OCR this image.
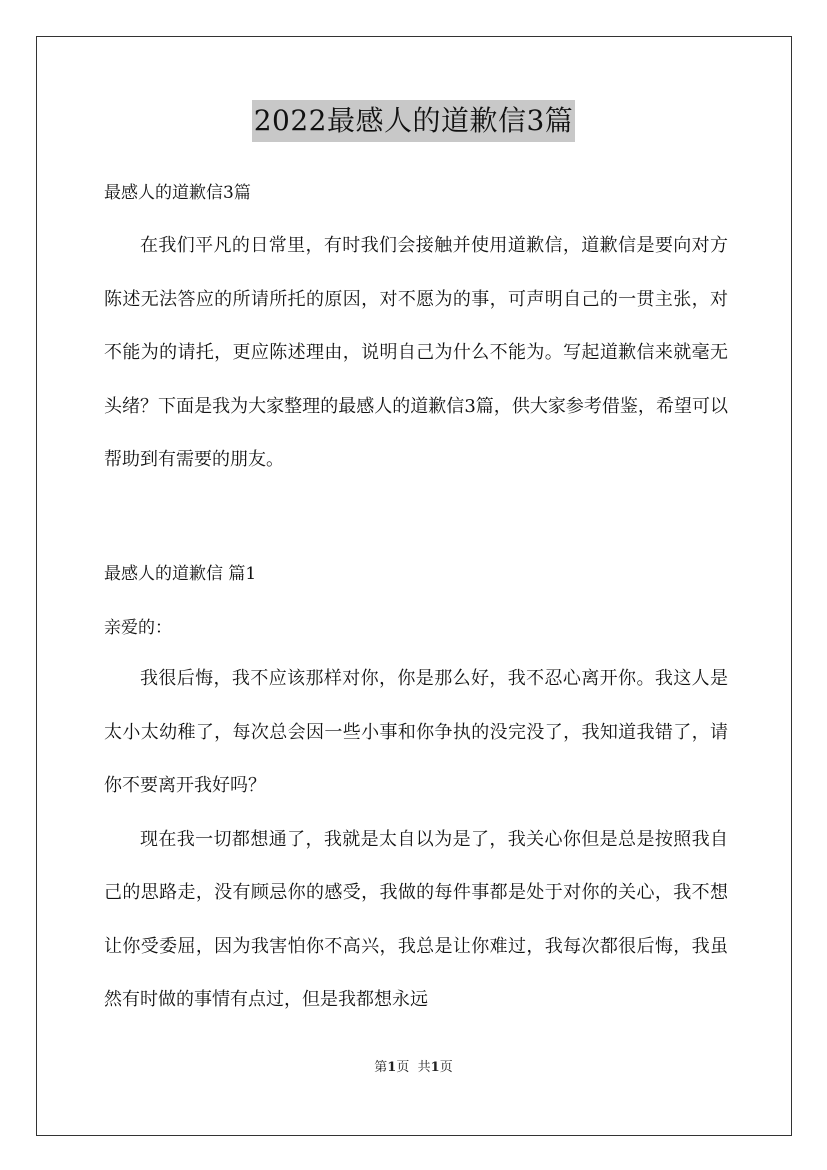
2022最感人的道歉信3篇
最感人的道歉信3篇

在我们平凡的日常里，有时我们会接触并使用道歉信，道歉信是要向对方陈述无法答应的所请所托的原因，对不愿为的事，可声明自己的一贯主张，对不能为的请托，更应陈述理由，说明自己为什么不能为。写起道歉信来就毫无头绪？下面是我为大家整理的最感人的道歉信3篇，供大家参考借鉴，希望可以帮助到有需要的朋友。

最感人的道歉信 篇1
亲爱的：

我很后悔，我不应该那样对你，你是那么好，我不忍心离开你。我这人是太小太幼稚了，每次总会因一些小事和你争执的没完没了，我知道我错了，请你不要离开我好吗？

现在我一切都想通了，我就是太自以为是了，我关心你但是总是按照我自己的思路走，没有顾忌你的感受，我做的每件事都是处于对你的关心，我不想让你受委屈，因为我害怕你不高兴，我总是让你难过，我每次都很后悔，我虽然有时做的事情有点过，但是我都想永远

第1页 共1页
